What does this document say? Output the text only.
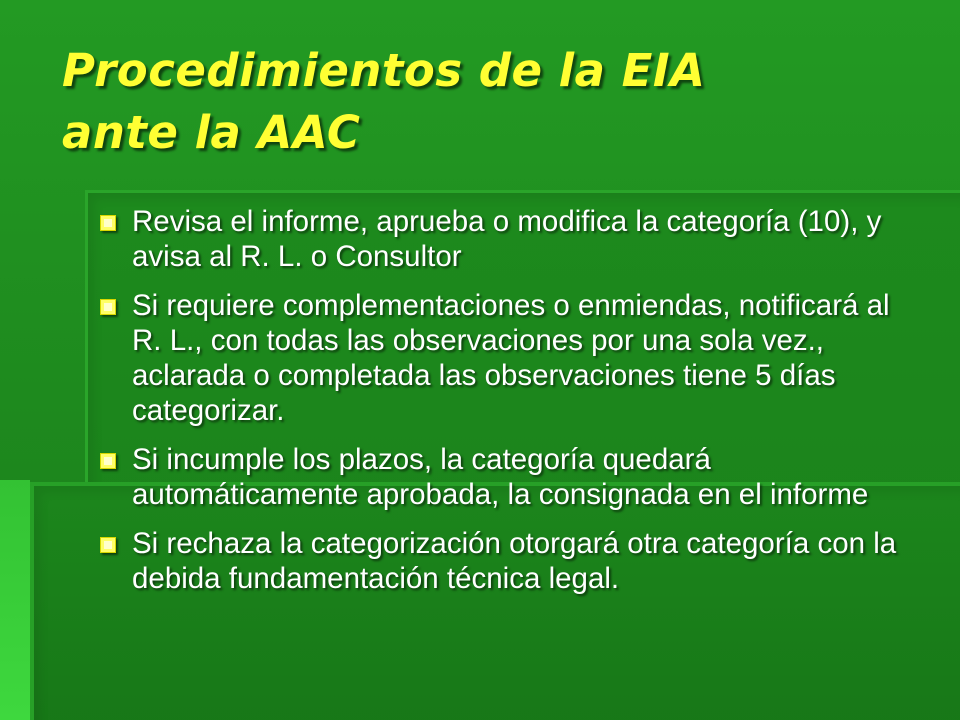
Procedimientos de la EIA
ante la AAC
Revisa el informe, aprueba o modifica la categoría (10), y avisa al R. L. o Consultor
Si requiere complementaciones o enmiendas, notificará al R. L., con todas las observaciones por una sola vez., aclarada o completada las observaciones tiene 5 días categorizar.
Si incumple los plazos, la categoría quedará automáticamente aprobada, la consignada en el informe
Si rechaza la categorización otorgará otra categoría con la debida fundamentación técnica legal.
